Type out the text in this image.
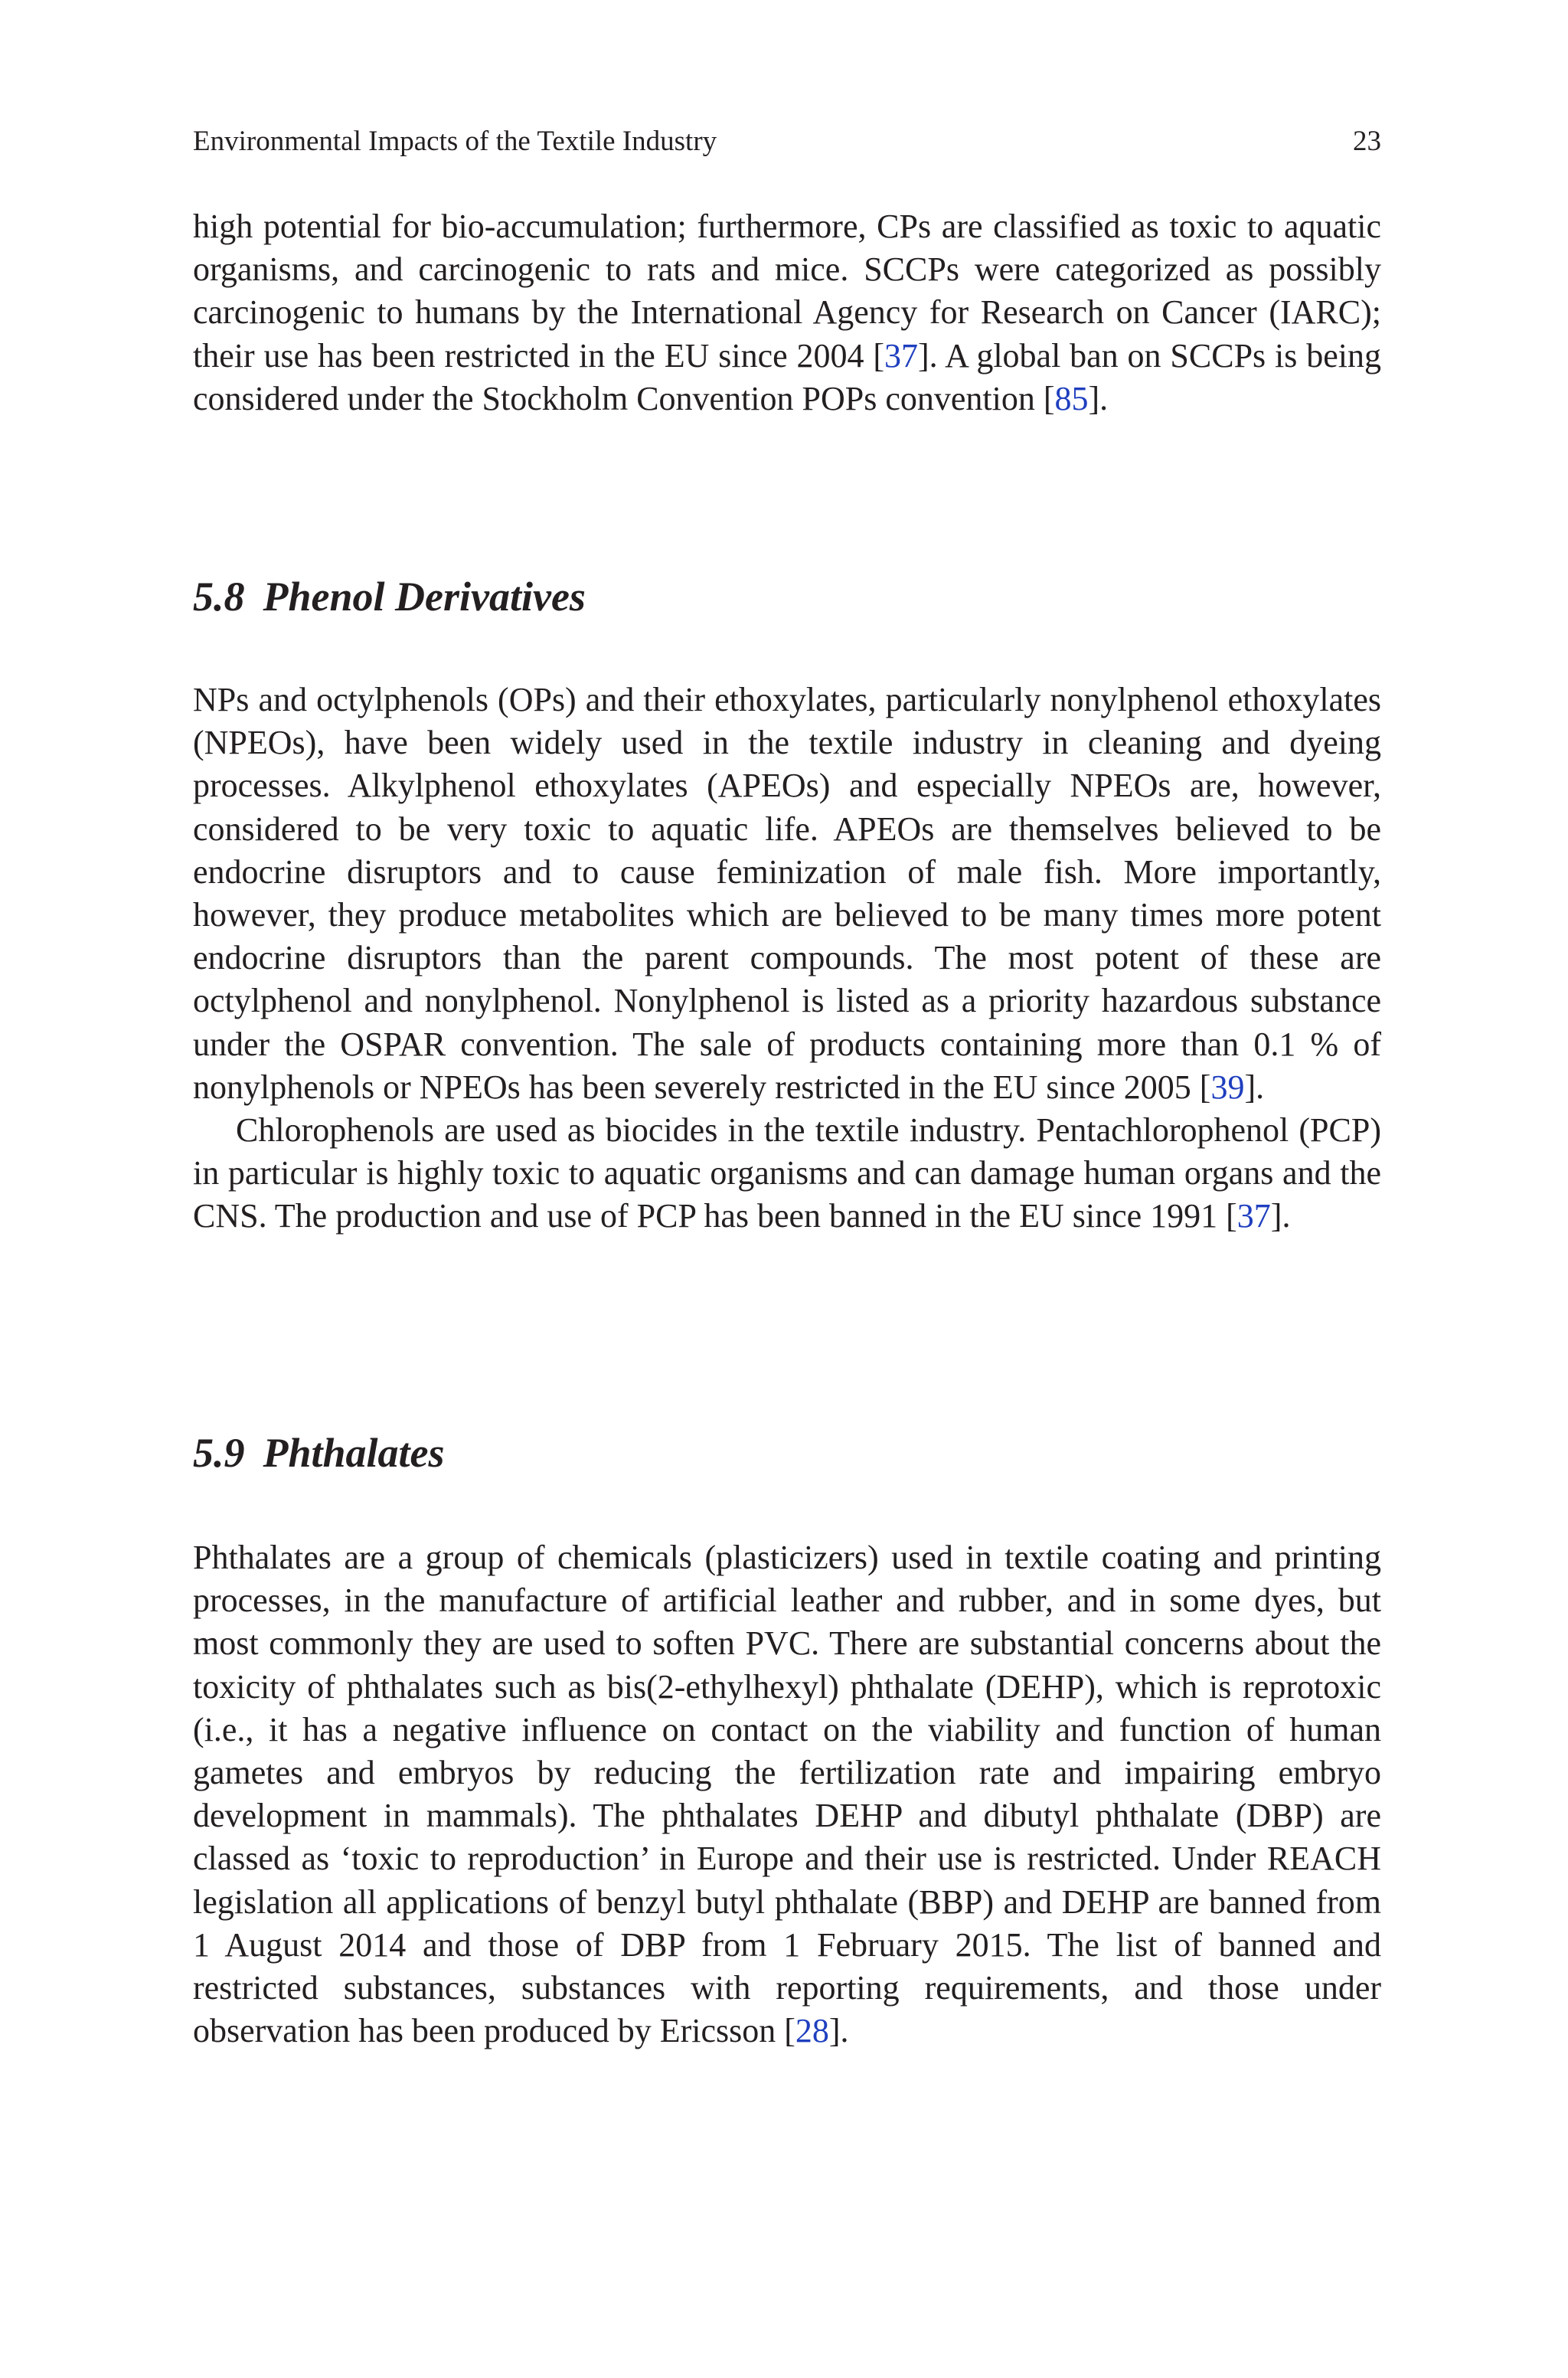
Environmental Impacts of the Textile Industry	23

high potential for bio-accumulation; furthermore, CPs are classified as toxic to aquatic organisms, and carcinogenic to rats and mice. SCCPs were categorized as possibly carcinogenic to humans by the International Agency for Research on Cancer (IARC); their use has been restricted in the EU since 2004 [37]. A global ban on SCCPs is being considered under the Stockholm Convention POPs convention [85].

5.8 Phenol Derivatives

NPs and octylphenols (OPs) and their ethoxylates, particularly nonylphenol ethoxylates (NPEOs), have been widely used in the textile industry in cleaning and dyeing processes. Alkylphenol ethoxylates (APEOs) and especially NPEOs are, however, considered to be very toxic to aquatic life. APEOs are themselves believed to be endocrine disruptors and to cause feminization of male fish. More importantly, however, they produce metabolites which are believed to be many times more potent endocrine disruptors than the parent compounds. The most potent of these are octylphenol and nonylphenol. Nonylphenol is listed as a priority hazardous substance under the OSPAR convention. The sale of products containing more than 0.1 % of nonylphenols or NPEOs has been severely restricted in the EU since 2005 [39].

Chlorophenols are used as biocides in the textile industry. Pentachlorophenol (PCP) in particular is highly toxic to aquatic organisms and can damage human organs and the CNS. The production and use of PCP has been banned in the EU since 1991 [37].

5.9 Phthalates

Phthalates are a group of chemicals (plasticizers) used in textile coating and printing processes, in the manufacture of artificial leather and rubber, and in some dyes, but most commonly they are used to soften PVC. There are substantial concerns about the toxicity of phthalates such as bis(2-ethylhexyl) phthalate (DEHP), which is reprotoxic (i.e., it has a negative influence on contact on the viability and function of human gametes and embryos by reducing the fertilization rate and impairing embryo development in mammals). The phthalates DEHP and dibutyl phthalate (DBP) are classed as ‘toxic to reproduction’ in Europe and their use is restricted. Under REACH legislation all applications of benzyl butyl phthalate (BBP) and DEHP are banned from 1 August 2014 and those of DBP from 1 February 2015. The list of banned and restricted substances, substances with reporting requirements, and those under observation has been produced by Ericsson [28].
